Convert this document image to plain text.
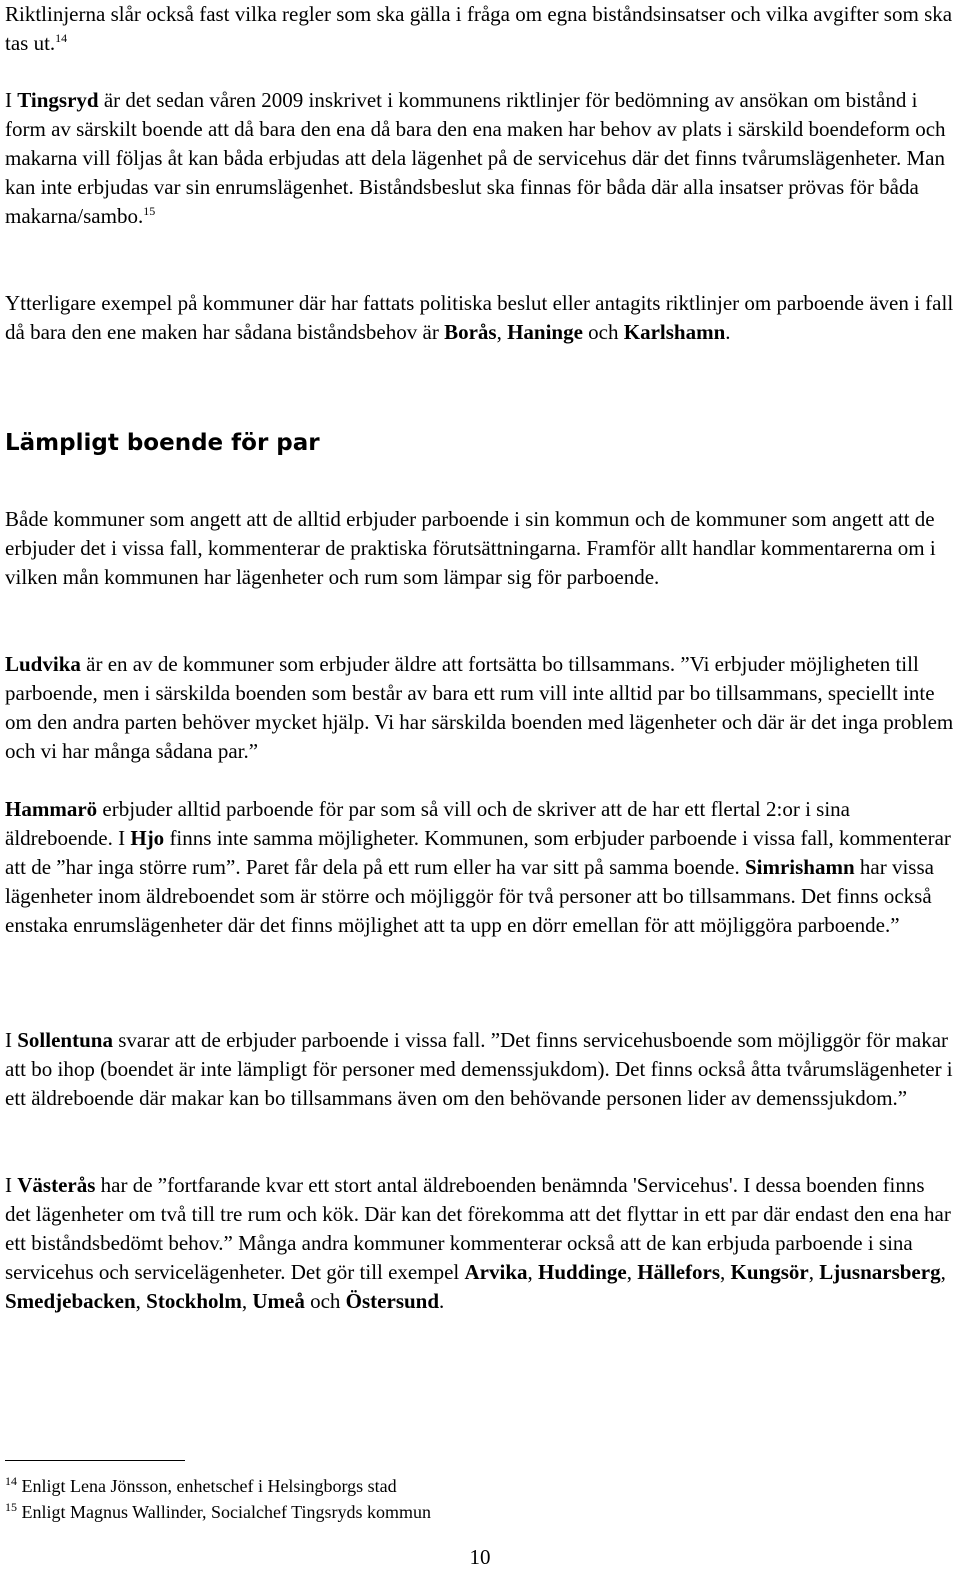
Riktlinjerna slår också fast vilka regler som ska gälla i fråga om egna biståndsinsatser och vilka avgifter som ska tas ut.$^{14}$

I Tingsryd är det sedan våren 2009 inskrivet i kommunens riktlinjer för bedömning av ansökan om bistånd i form av särskilt boende att då bara den ena då bara den ena maken har behov av plats i särskild boendeform och makarna vill följas åt kan båda erbjudas att dela lägenhet på de servicehus där det finns tvårumslägenheter. Man kan inte erbjudas var sin enrumslägenhet. Biståndsbeslut ska finnas för båda där alla insatser prövas för båda makarna/sambo.$^{15}$

Ytterligare exempel på kommuner där har fattats politiska beslut eller antagits riktlinjer om parboende även i fall då bara den ene maken har sådana biståndsbehov är Borås, Haninge och Karlshamn.

Lämpligt boende för par

Både kommuner som angett att de alltid erbjuder parboende i sin kommun och de kommuner som angett att de erbjuder det i vissa fall, kommenterar de praktiska förutsättningarna. Framför allt handlar kommentarerna om i vilken mån kommunen har lägenheter och rum som lämpar sig för parboende.

Ludvika är en av de kommuner som erbjuder äldre att fortsätta bo tillsammans. ”Vi erbjuder möjligheten till parboende, men i särskilda boenden som består av bara ett rum vill inte alltid par bo tillsammans, speciellt inte om den andra parten behöver mycket hjälp. Vi har särskilda boenden med lägenheter och där är det inga problem och vi har många sådana par.”

Hammarö erbjuder alltid parboende för par som så vill och de skriver att de har ett flertal 2:or i sina äldreboende. I Hjo finns inte samma möjligheter. Kommunen, som erbjuder parboende i vissa fall, kommenterar att de ”har inga större rum”. Paret får dela på ett rum eller ha var sitt på samma boende. Simrishamn har vissa lägenheter inom äldreboendet som är större och möjliggör för två personer att bo tillsammans. Det finns också enstaka enrumslägenheter där det finns möjlighet att ta upp en dörr emellan för att möjliggöra parboende.”

I Sollentuna svarar att de erbjuder parboende i vissa fall. ”Det finns servicehusboende som möjliggör för makar att bo ihop (boendet är inte lämpligt för personer med demenssjukdom). Det finns också åtta tvårumslägenheter i ett äldreboende där makar kan bo tillsammans även om den behövande personen lider av demenssjukdom.”

I Västerås har de ”fortfarande kvar ett stort antal äldreboenden benämnda 'Servicehus'. I dessa boenden finns det lägenheter om två till tre rum och kök. Där kan det förekomma att det flyttar in ett par där endast den ena har ett biståndsbedömt behov.” Många andra kommuner kommenterar också att de kan erbjuda parboende i sina servicehus och servicelägenheter. Det gör till exempel Arvika, Huddinge, Hällefors, Kungsör, Ljusnarsberg, Smedjebacken, Stockholm, Umeå och Östersund.

$^{14}$ Enligt Lena Jönsson, enhetschef i Helsingborgs stad

$^{15}$ Enligt Magnus Wallinder, Socialchef Tingsryds kommun

10
